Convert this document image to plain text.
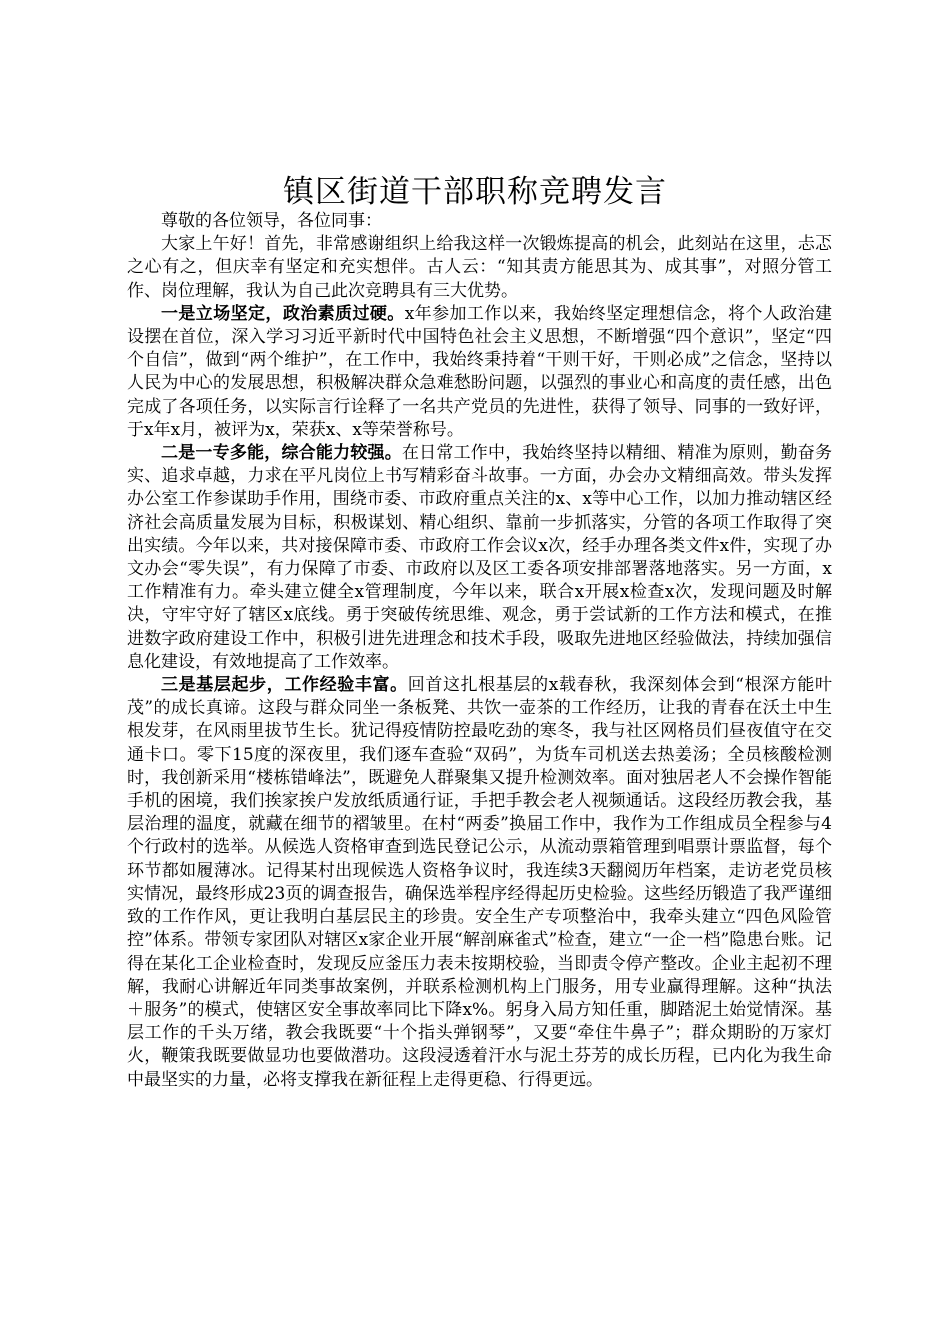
镇区街道干部职称竞聘发言

尊敬的各位领导，各位同事：

大家上午好！首先，非常感谢组织上给我这样一次锻炼提高的机会，此刻站在这里，忐忑之心有之，但庆幸有坚定和充实想伴。古人云：“知其责方能思其为、成其事”，对照分管工作、岗位理解，我认为自己此次竞聘具有三大优势。

一是立场坚定，政治素质过硬。x年参加工作以来，我始终坚定理想信念，将个人政治建设摆在首位，深入学习习近平新时代中国特色社会主义思想，不断增强“四个意识”，坚定“四个自信”，做到“两个维护”，在工作中，我始终秉持着“干则干好，干则必成”之信念，坚持以人民为中心的发展思想，积极解决群众急难愁盼问题，以强烈的事业心和高度的责任感，出色完成了各项任务，以实际言行诠释了一名共产党员的先进性，获得了领导、同事的一致好评，于x年x月，被评为x，荣获x、x等荣誉称号。

二是一专多能，综合能力较强。在日常工作中，我始终坚持以精细、精准为原则，勤奋务实、追求卓越，力求在平凡岗位上书写精彩奋斗故事。一方面，办会办文精细高效。带头发挥办公室工作参谋助手作用，围绕市委、市政府重点关注的x、x等中心工作，以加力推动辖区经济社会高质量发展为目标，积极谋划、精心组织、靠前一步抓落实，分管的各项工作取得了突出实绩。今年以来，共对接保障市委、市政府工作会议x次，经手办理各类文件x件，实现了办文办会“零失误”，有力保障了市委、市政府以及区工委各项安排部署落地落实。另一方面，x工作精准有力。牵头建立健全x管理制度，今年以来，联合x开展x检查x次，发现问题及时解决，守牢守好了辖区x底线。勇于突破传统思维、观念，勇于尝试新的工作方法和模式，在推进数字政府建设工作中，积极引进先进理念和技术手段，吸取先进地区经验做法，持续加强信息化建设，有效地提高了工作效率。

三是基层起步，工作经验丰富。回首这扎根基层的x载春秋，我深刻体会到“根深方能叶茂”的成长真谛。这段与群众同坐一条板凳、共饮一壶茶的工作经历，让我的青春在沃土中生根发芽，在风雨里拔节生长。犹记得疫情防控最吃劲的寒冬，我与社区网格员们昼夜值守在交通卡口。零下15度的深夜里，我们逐车查验“双码”，为货车司机送去热姜汤；全员核酸检测时，我创新采用“楼栋错峰法”，既避免人群聚集又提升检测效率。面对独居老人不会操作智能手机的困境，我们挨家挨户发放纸质通行证，手把手教会老人视频通话。这段经历教会我，基层治理的温度，就藏在细节的褶皱里。在村“两委”换届工作中，我作为工作组成员全程参与4个行政村的选举。从候选人资格审查到选民登记公示，从流动票箱管理到唱票计票监督，每个环节都如履薄冰。记得某村出现候选人资格争议时，我连续3天翻阅历年档案，走访老党员核实情况，最终形成23页的调查报告，确保选举程序经得起历史检验。这些经历锻造了我严谨细致的工作作风，更让我明白基层民主的珍贵。安全生产专项整治中，我牵头建立“四色风险管控”体系。带领专家团队对辖区x家企业开展“解剖麻雀式”检查，建立“一企一档”隐患台账。记得在某化工企业检查时，发现反应釜压力表未按期校验，当即责令停产整改。企业主起初不理解，我耐心讲解近年同类事故案例，并联系检测机构上门服务，用专业赢得理解。这种“执法＋服务”的模式，使辖区安全事故率同比下降x%。躬身入局方知任重，脚踏泥土始觉情深。基层工作的千头万绪，教会我既要“十个指头弹钢琴”，又要“牵住牛鼻子”；群众期盼的万家灯火，鞭策我既要做显功也要做潜功。这段浸透着汗水与泥土芬芳的成长历程，已内化为我生命中最坚实的力量，必将支撑我在新征程上走得更稳、行得更远。
